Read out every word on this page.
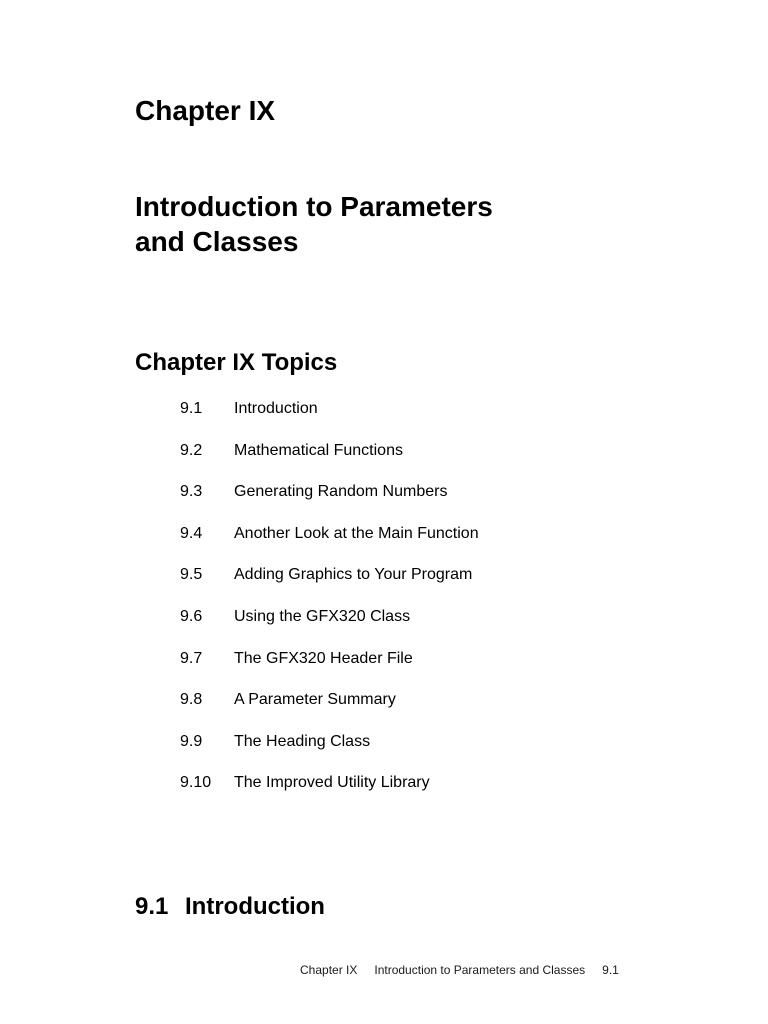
Chapter IX
Introduction to Parameters
and Classes
Chapter IX Topics
9.1 Introduction
9.2 Mathematical Functions
9.3 Generating Random Numbers
9.4 Another Look at the Main Function
9.5 Adding Graphics to Your Program
9.6 Using the GFX320 Class
9.7 The GFX320 Header File
9.8 A Parameter Summary
9.9 The Heading Class
9.10 The Improved Utility Library
9.1 Introduction
Chapter IX Introduction to Parameters and Classes 9.1
